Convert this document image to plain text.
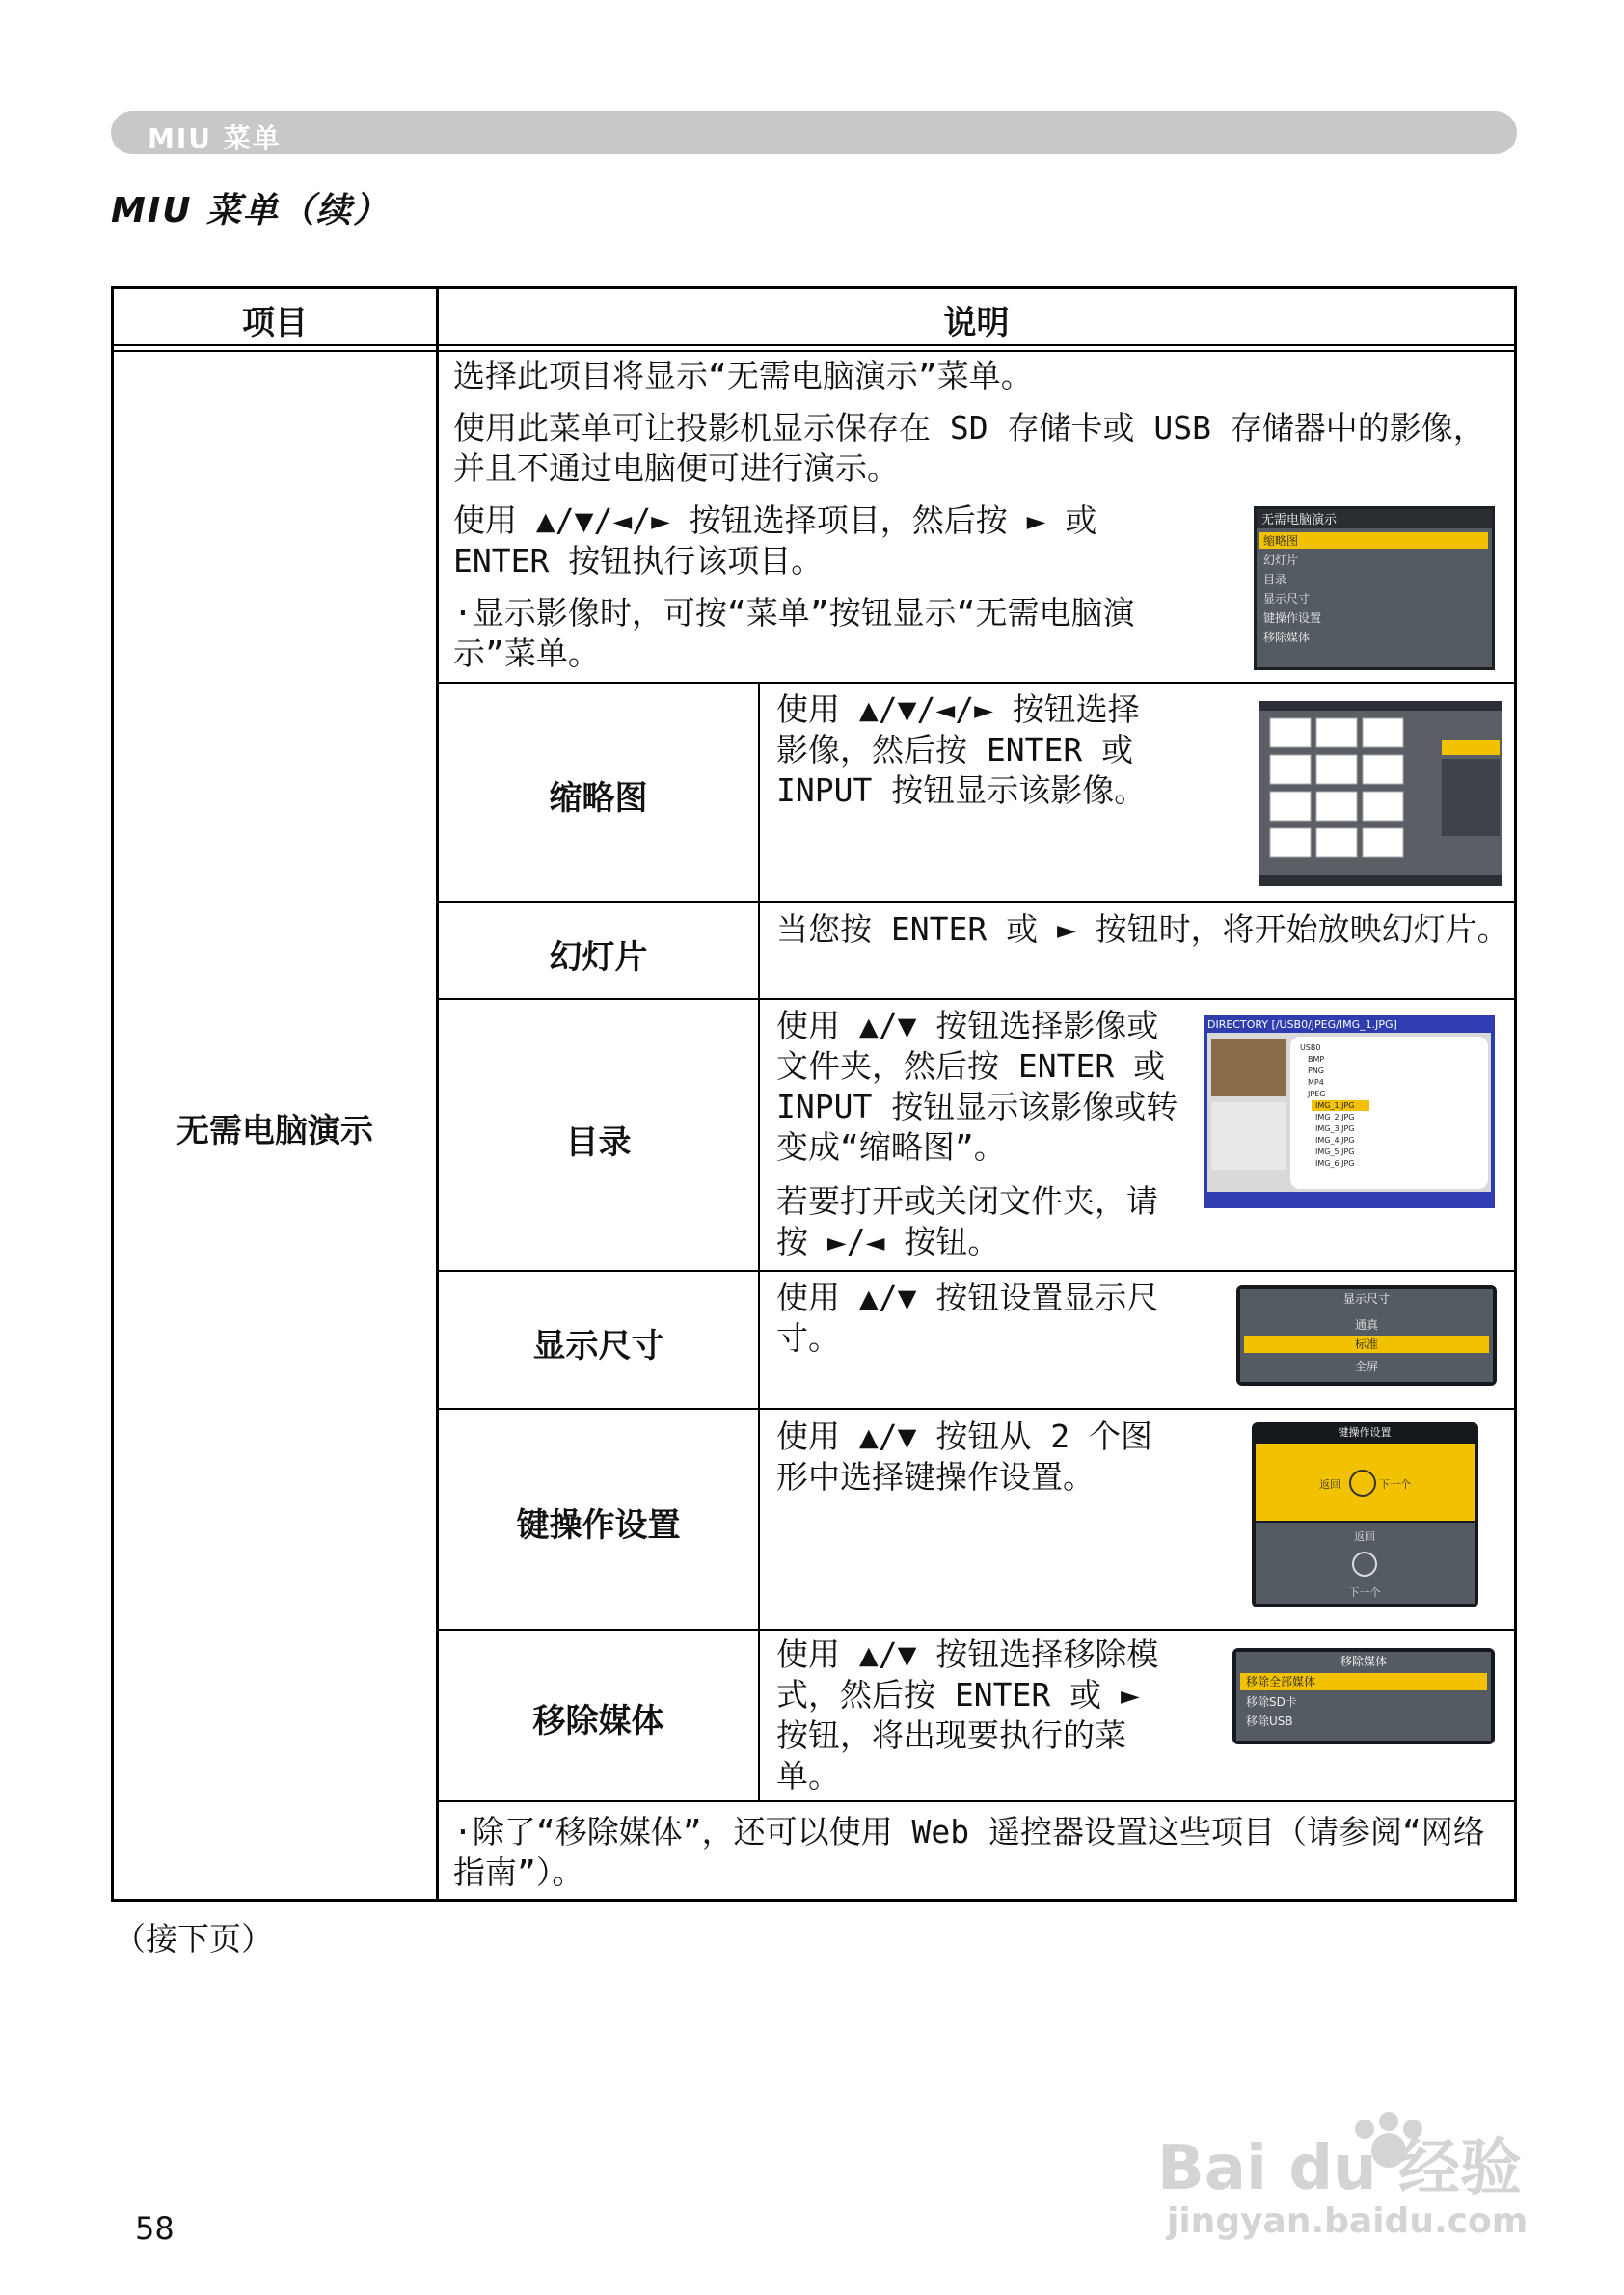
MIU 菜单
MIU 菜单（续）
项目	说明
无需电脑演示
选择此项目将显示“无需电脑演示”菜单。
使用此菜单可让投影机显示保存在 SD 存储卡或 USB 存储器中的影像，并且不通过电脑便可进行演示。
使用 ▲/▼/◄/► 按钮选择项目，然后按 ► 或 ENTER 按钮执行该项目。
·显示影像时，可按“菜单”按钮显示“无需电脑演示”菜单。
无需电脑演示
缩略图
幻灯片
目录
显示尺寸
键操作设置
移除媒体
缩略图
幻灯片
目录
显示尺寸
键操作设置
移除媒体
使用 ▲/▼/◄/► 按钮选择影像，然后按 ENTER 或 INPUT 按钮显示该影像。
当您按 ENTER 或 ► 按钮时，将开始放映幻灯片。
使用 ▲/▼ 按钮选择影像或文件夹，然后按 ENTER 或 INPUT 按钮显示该影像或转变成“缩略图”。
若要打开或关闭文件夹，请按 ►/◄ 按钮。
使用 ▲/▼ 按钮设置显示尺寸。
使用 ▲/▼ 按钮从 2 个图形中选择键操作设置。
使用 ▲/▼ 按钮选择移除模式，然后按 ENTER 或 ► 按钮，将出现要执行的菜单。
·除了“移除媒体”，还可以使用 Web 遥控器设置这些项目（请参阅“网络指南”）。
DIRECTORY [/USB0/JPEG/IMG_1.JPG]
USB0
BMP
PNG
MP4
JPEG
IMG_1.JPG
IMG_2.JPG
IMG_3.JPG
IMG_4.JPG
IMG_5.JPG
IMG_6.JPG
显示尺寸
通真
标准
全屏
键操作设置
返回	下一个
返回
下一个
移除媒体
移除全部媒体
移除SD卡
移除USB
（接下页）
58
Bai du 经验
jingyan.baidu.com
